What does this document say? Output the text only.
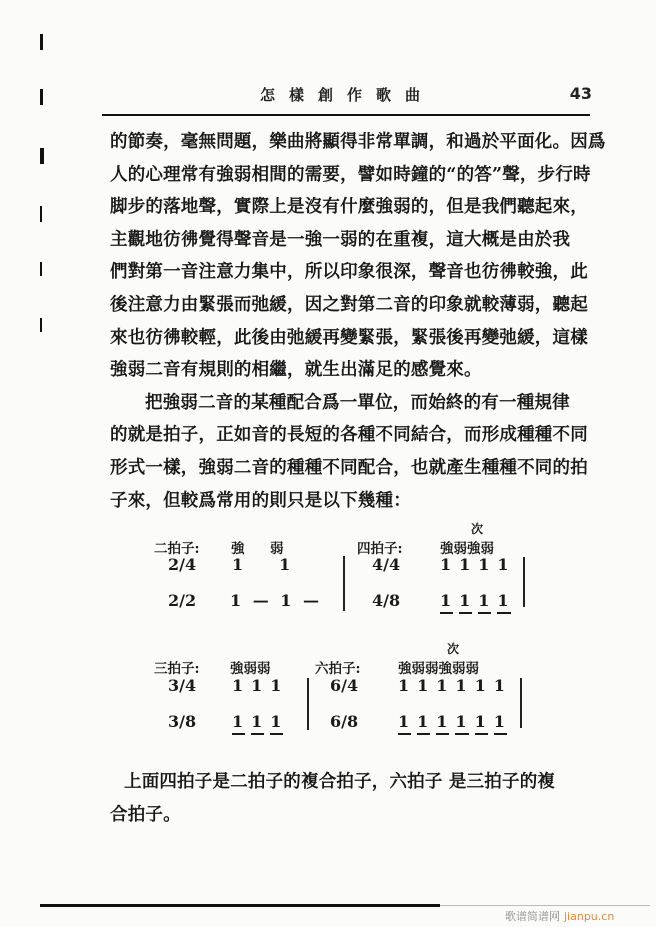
怎樣創作歌曲	43

的節奏，毫無問題，樂曲將顯得非常單調，和過於平面化。因爲
人的心理常有強弱相間的需要，譬如時鐘的“的答”聲，步行時
脚步的落地聲，實際上是沒有什麼強弱的，但是我們聽起來，
主觀地彷彿覺得聲音是一強一弱的在重複，這大概是由於我
們對第一音注意力集中，所以印象很深，聲音也彷彿較強，此
後注意力由緊張而弛緩，因之對第二音的印象就較薄弱，聽起
來也彷彿較輕，此後由弛緩再變緊張，緊張後再變弛緩，這樣
強弱二音有規則的相繼，就生出滿足的感覺來。

把強弱二音的某種配合爲一單位，而始終的有一種規律
的就是拍子，正如音的長短的各種不同結合，而形成種種不同
形式一樣，強弱二音的種種不同配合，也就產生種種不同的拍
子來，但較爲常用的則只是以下幾種：

二拍子: 強 弱
2/4 1 1
2/2 1 — 1 —
四拍子:
次
強弱強弱
4/4 1 1 1 1
4/8 1 1 1 1
三拍子: 強弱弱
3/4 1 1 1
3/8 1 1 1
六拍子:
次
強弱弱強弱弱
6/4 1 1 1 1 1 1
6/8 1 1 1 1 1 1

上面四拍子是二拍子的複合拍子，六拍子 是三拍子的複
合拍子。

歌谱简谱网 jianpu.cn
